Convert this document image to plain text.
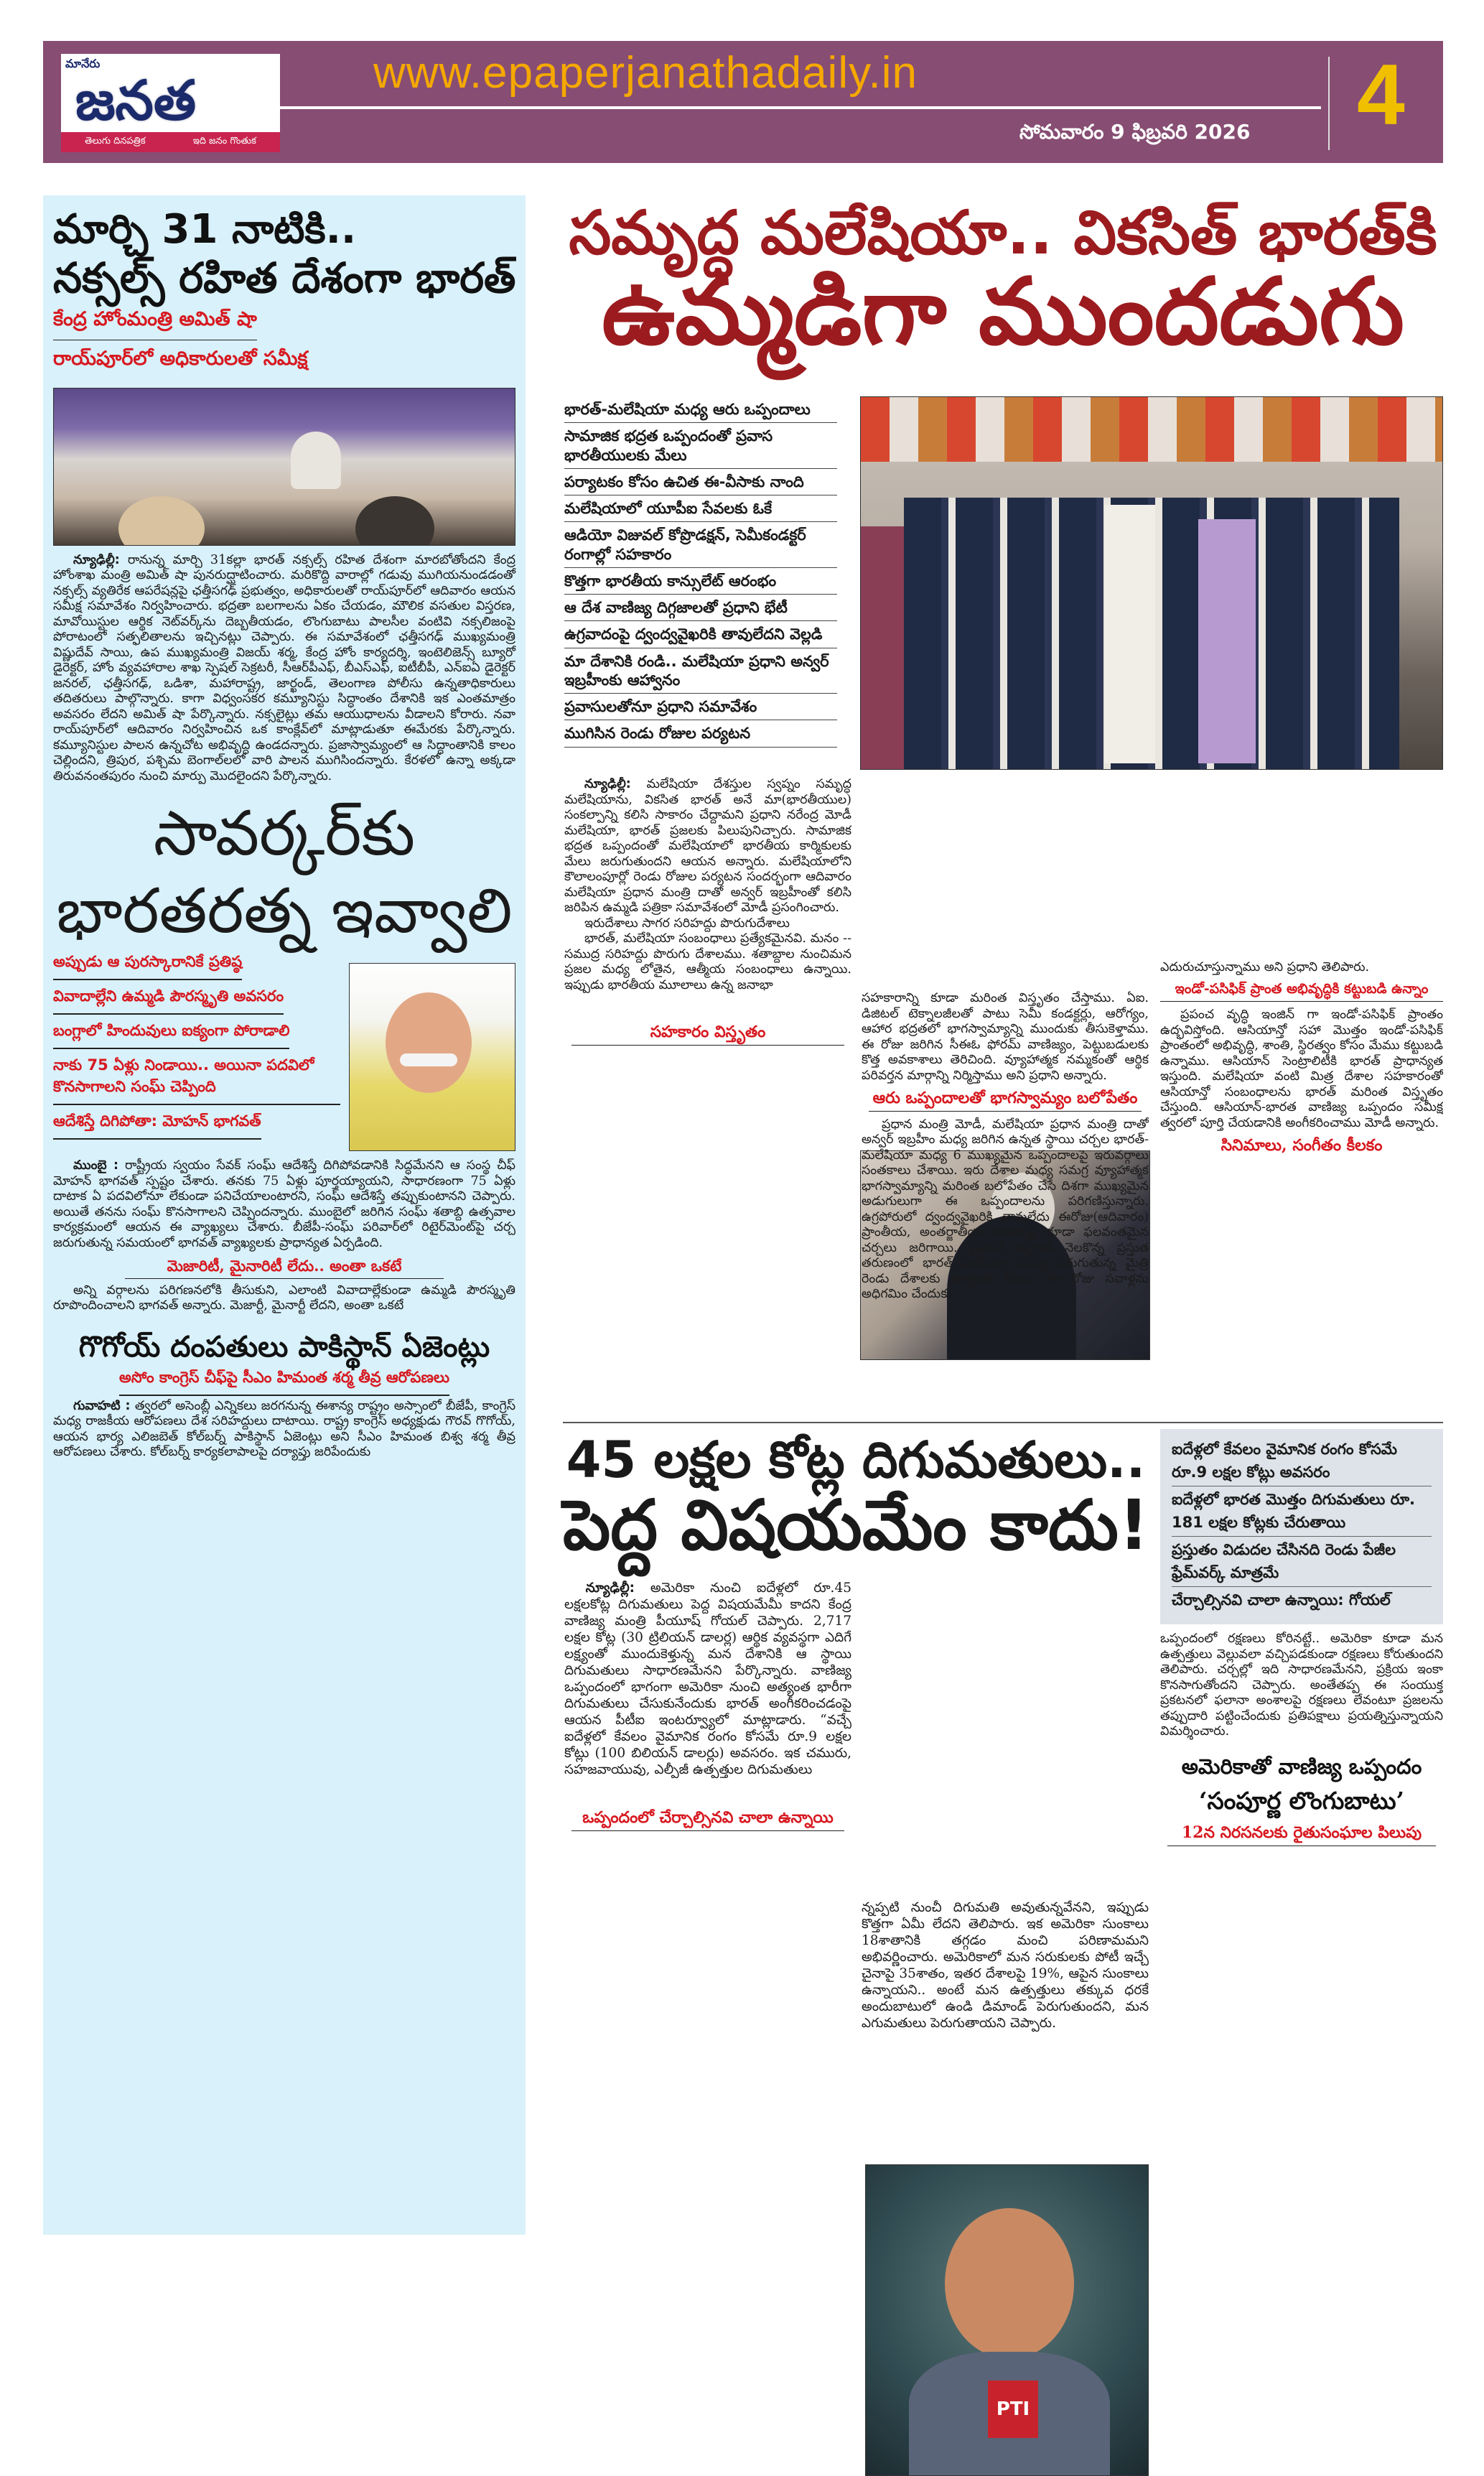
మానేరు
జనత
తెలుగు దినపత్రిక	ఇది జనం గొంతుక
www.epaperjanathadaily.in
సోమవారం 9 ఫిబ్రవరి 2026 4
మార్చి 31 నాటికి..
నక్సల్స్ రహిత దేశంగా భారత్
కేంద్ర హోంమంత్రి అమిత్ షా
రాయ్‌పూర్‌లో అధికారులతో సమీక్ష

న్యూఢిల్లీ: రానున్న మార్చి 31కల్లా భారత్ నక్సల్స్ రహిత దేశంగా మారబోతోందని కేంద్ర హోంశాఖ మంత్రి అమిత్ షా పునరుద్ఘాటించారు. మరికొద్ది వారాల్లో గడువు ముగియనుండడంతో నక్సల్స్ వ్యతిరేక ఆపరేషన్లపై ఛత్తీసగఢ్ ప్రభుత్వం, అధికారులతో రాయ్‌పూర్‌లో ఆదివారం ఆయన సమీక్ష సమావేశం నిర్వహించారు. భద్రతా బలగాలను ఏకం చేయడం, మౌలిక వసతుల విస్తరణ, మావోయిస్టుల ఆర్థిక నెట్‌వర్క్‌ను దెబ్బతీయడం, లొంగుబాటు పాలసీల వంటివి నక్సలిజంపై పోరాటంలో సత్ఫలితాలను ఇచ్చినట్లు చెప్పారు. ఈ సమావేశంలో ఛత్తీసగఢ్ ముఖ్యమంత్రి విష్ణుదేవ్ సాయి, ఉప ముఖ్యమంత్రి విజయ్ శర్మ, కేంద్ర హోం కార్యదర్శి, ఇంటెలిజెన్స్ బ్యూరో డైరెక్టర్, హోం వ్యవహారాల శాఖ స్పెషల్ సెక్రటరీ, సీఆర్‌పీఎఫ్, బీఎస్ఎఫ్, ఐటీబీపీ, ఎన్ఐఏ డైరెక్టర్ జనరల్, ఛత్తీసగఢ్, ఒడిశా, మహారాష్ట్ర, జార్ఖండ్, తెలంగాణ పోలీసు ఉన్నతాధికారులు తదితరులు పాల్గొన్నారు. కాగా విధ్వంసకర కమ్యూనిస్టు సిద్ధాంతం దేశానికి ఇక ఎంతమాత్రం అవసరం లేదని అమిత్ షా పేర్కొన్నారు. నక్సలైట్లు తమ ఆయుధాలను వీడాలని కోరారు. నవా రాయ్‌పూర్‌లో ఆదివారం నిర్వహించిన ఒక కాంక్లేవ్‌లో మాట్లాడుతూ ఈమేరకు పేర్కొన్నారు. కమ్యూనిస్టుల పాలన ఉన్నచోట అభివృద్ధి ఉండదన్నారు. ప్రజాస్వామ్యంలో ఆ సిద్ధాంతానికి కాలం చెల్లిందని, త్రిపుర, పశ్చిమ బెంగాల్‌లలో వారి పాలన ముగిసిందన్నారు. కేరళలో ఉన్నా అక్కడా తిరువనంతపురం నుంచి మార్పు మొదలైందని పేర్కొన్నారు.

సావర్కర్‌కు
భారతరత్న ఇవ్వాలి
అప్పుడు ఆ పురస్కారానికే ప్రతిష్ఠ
వివాదాల్లేని ఉమ్మడి పౌరస్మృతి అవసరం
బంగ్లాలో హిందువులు ఐక్యంగా పోరాడాలి
నాకు 75 ఏళ్లు నిండాయి.. అయినా పదవిలో కొనసాగాలని సంఘ్ చెప్పింది
ఆదేశిస్తే దిగిపోతా: మోహన్ భాగవత్

ముంబై : రాష్ట్రీయ స్వయం సేవక్ సంఘ్ ఆదేశిస్తే దిగిపోవడానికి సిద్ధమేనని ఆ సంస్థ చీఫ్ మోహన్ భాగవత్ స్పష్టం చేశారు. తనకు 75 ఏళ్లు పూర్తయ్యాయని, సాధారణంగా 75 ఏళ్లు దాటాక ఏ పదవిలోనూ లేకుండా పనిచేయాలంటారని, సంఘ్ ఆదేశిస్తే తప్పుకుంటానని చెప్పారు. అయితే తనను సంఘ్ కొనసాగాలని చెప్పిందన్నారు. ముంబైలో జరిగిన సంఘ్ శతాబ్ది ఉత్సవాల కార్యక్రమంలో ఆయన ఈ వ్యాఖ్యలు చేశారు. బీజేపీ-సంఘ్ పరివార్‌లో రిటైర్‌మెంట్‌పై చర్చ జరుగుతున్న సమయంలో భాగవత్ వ్యాఖ్యలకు ప్రాధాన్యత ఏర్పడింది.

మెజారిటీ, మైనారిటీ లేదు.. అంతా ఒకటే

అన్ని వర్గాలను పరిగణనలోకి తీసుకుని, ఎలాంటి వివాదాల్లేకుండా ఉమ్మడి పౌరస్మృతి రూపొందించాలని భాగవత్ అన్నారు. మెజార్టీ, మైనార్టీ లేదని, అంతా ఒకటే

గొగోయ్ దంపతులు పాకిస్థాన్ ఏజెంట్లు
అసోం కాంగ్రెస్ చీఫ్‌పై సీఎం హిమంత శర్మ తీవ్ర ఆరోపణలు

గువాహటి : త్వరలో అసెంబ్లీ ఎన్నికలు జరగనున్న ఈశాన్య రాష్ట్రం అస్సాంలో బీజేపీ, కాంగ్రెస్ మధ్య రాజకీయ ఆరోపణలు దేశ సరిహద్దులు దాటాయి. రాష్ట్ర కాంగ్రెస్ అధ్యక్షుడు గౌరవ్ గొగోయ్, ఆయన భార్య ఎలిజబెత్ కోల్‌బర్న్ పాకిస్థాన్ ఏజెంట్లు అని సీఎం హిమంత బిశ్వ శర్మ తీవ్ర ఆరోపణలు చేశారు. కోల్‌బర్న్ కార్యకలాపాలపై దర్యాప్తు జరిపేందుకు

సమృద్ధ మలేషియా.. వికసిత్ భారత్‌కి
ఉమ్మడిగా ముందడుగు
భారత్-మలేషియా మధ్య ఆరు ఒప్పందాలు
సామాజిక భద్రత ఒప్పందంతో ప్రవాస భారతీయులకు మేలు
పర్యాటకం కోసం ఉచిత ఈ-వీసాకు నాంది
మలేషియాలో యూపీఐ సేవలకు ఓకే
ఆడియో విజువల్ కోప్రొడక్షన్, సెమీకండక్టర్ రంగాల్లో సహకారం
కొత్తగా భారతీయ కాన్సులేట్ ఆరంభం
ఆ దేశ వాణిజ్య దిగ్గజాలతో ప్రధాని భేటీ
ఉగ్రవాదంపై ద్వంద్వవైఖరికి తావులేదని వెల్లడి
మా దేశానికి రండి.. మలేషియా ప్రధాని అన్వర్ ఇబ్రహీంకు ఆహ్వానం
ప్రవాసులతోనూ ప్రధాని సమావేశం
ముగిసిన రెండు రోజుల పర్యటన

న్యూఢిల్లీ: మలేషియా దేశస్తుల స్వప్నం సమృద్ధ మలేషియాను, వికసిత భారత్ అనే మా(భారతీయుల) సంకల్పాన్ని కలిసి సాకారం చేద్దామని ప్రధాని నరేంద్ర మోడీ మలేషియా, భారత్ ప్రజలకు పిలుపునిచ్చారు. సామాజిక భద్రత ఒప్పందంతో మలేషియాలో భారతీయ కార్మికులకు మేలు జరుగుతుందని ఆయన అన్నారు. మలేషియాలోని కౌలాలంపూర్లో రెండు రోజుల పర్యటన సందర్భంగా ఆదివారం మలేషియా ప్రధాన మంత్రి దాతో అన్వర్ ఇబ్రహీంతో కలిసి జరిపిన ఉమ్మడి పత్రికా సమావేశంలో మోడీ ప్రసంగించారు.

ఇరుదేశాలు సాగర సరిహద్దు పొరుగుదేశాలు

భారత్, మలేషియా సంబంధాలు ప్రత్యేకమైనవి. మనం -- సముద్ర సరిహద్దు పొరుగు దేశాలము. శతాబ్దాల నుంచిమన ప్రజల మధ్య లోతైన, ఆత్మీయ సంబంధాలు ఉన్నాయి. ఇప్పుడు భారతీయ మూలాలు ఉన్న జనాభా

సహకారం విస్తృతం

సహకారాన్ని కూడా మరింత విస్తృతం చేస్తాము. ఏఐ. డిజిటల్ టెక్నాలజీలతో పాటు సెమీ కండక్టర్లు, ఆరోగ్యం, ఆహార భద్రతలో భాగస్వామ్యాన్ని ముందుకు తీసుకెళ్తాము. ఈ రోజు జరిగిన సీఈఓ ఫోరమ్ వాణిజ్యం, పెట్టుబడులకు కొత్త అవకాశాలు తెరిచింది. వ్యూహాత్మక నమ్మకంతో ఆర్థిక పరివర్తన మార్గాన్ని నిర్మిస్తాము అని ప్రధాని అన్నారు.

ఆరు ఒప్పందాలతో భాగస్వామ్యం బలోపేతం

ప్రధాన మంత్రి మోడీ, మలేషియా ప్రధాన మంత్రి దాతో అన్వర్ ఇబ్రహీం మధ్య జరిగిన ఉన్నత స్థాయి చర్చల భారత్-మలేషియా మధ్య 6 ముఖ్యమైన ఒప్పందాలపై ఇరువర్గాలు సంతకాలు చేశాయి. ఇరు దేశాల మధ్య సమగ్ర వ్యూహాత్మక భాగస్వామ్యాన్ని మరింత బలోపేతం చేసే దిశగా ముఖ్యమైన అడుగులుగా ఈ ఒప్పందాలను పరిగణిస్తున్నారు. ఉగ్రపోరులో ద్వంద్వవైఖరికి తావులేదు ఈరోజు(ఆదివారం) ప్రాంతీయ, అంతర్జాతీయ అంశాలపై కూడా ఫలవంతమైన చర్చలు జరిగాయి. ప్రపంచ అస్థిరత నెలకొన్న ప్రస్తుత తరుణంలో భారత్-మలేషియా మధ్య పెరుగుతున్న మైత్రి రెండు దేశాలకు అత్యంత కీలకం. ఈ రోజు సవాళ్లను అధిగమిం చేందుకు

ఎదురుచూస్తున్నాము అని ప్రధాని తెలిపారు.

ఇండో-పసిఫిక్ ప్రాంత అభివృద్ధికి కట్టుబడి ఉన్నాం

ప్రపంచ వృద్ధి ఇంజిన్ గా ఇండో-పసిఫిక్ ప్రాంతం ఉద్భవిస్తోంది. ఆసియాన్తో సహా మొత్తం ఇండో-పసిఫిక్ ప్రాంతంలో అభివృద్ధి, శాంతి, స్థిరత్వం కోసం మేము కట్టుబడి ఉన్నాము. ఆసియాన్ సెంట్రాలిటీకి భారత్ ప్రాధాన్యత ఇస్తుంది. మలేషియా వంటి మిత్ర దేశాల సహకారంతో ఆసియాన్తో సంబంధాలను భారత్ మరింత విస్తృతం చేస్తుంది. ఆసియాన్-భారత వాణిజ్య ఒప్పందం సమీక్ష త్వరలో పూర్తి చేయడానికి అంగీకరించాము మోడీ అన్నారు.

సినిమాలు, సంగీతం కీలకం
45 లక్షల కోట్ల దిగుమతులు..
పెద్ద విషయమేం కాదు!
ఐదేళ్లలో కేవలం వైమానిక రంగం కోసమే రూ.9 లక్షల కోట్లు అవసరం
ఐదేళ్లలో భారత మొత్తం దిగుమతులు రూ. 181 లక్షల కోట్లకు చేరుతాయి
ప్రస్తుతం విడుదల చేసినది రెండు పేజీల ఫ్రేమ్‌వర్క్ మాత్రమే
చేర్చాల్సినవి చాలా ఉన్నాయి: గోయల్

న్యూఢిల్లీ: అమెరికా నుంచి ఐదేళ్లలో రూ.45 లక్షలకోట్ల దిగుమతులు పెద్ద విషయమేమీ కాదని కేంద్ర వాణిజ్య మంత్రి పీయూష్ గోయల్ చెప్పారు. 2,717 లక్షల కోట్ల (30 ట్రిలియన్ డాలర్ల) ఆర్థిక వ్యవస్థగా ఎదిగే లక్ష్యంతో ముందుకెళ్తున్న మన దేశానికి ఆ స్థాయి దిగుమతులు సాధారణమేనని పేర్కొన్నారు. వాణిజ్య ఒప్పందంలో భాగంగా అమెరికా నుంచి అత్యంత భారీగా దిగుమతులు చేసుకునేందుకు భారత్ అంగీకరించడంపై ఆయన పీటీఐ ఇంటర్వ్యూలో మాట్లాడారు. “వచ్చే ఐదేళ్లలో కేవలం వైమానిక రంగం కోసమే రూ.9 లక్షల కోట్లు (100 బిలియన్ డాలర్లు) అవసరం. ఇక చమురు, సహజవాయువు, ఎల్పీజీ ఉత్పత్తుల దిగుమతులు

ఒప్పందంలో చేర్చాల్సినవి చాలా ఉన్నాయి
PTI

న్నప్పటి నుంచీ దిగుమతి అవుతున్నవేనని, ఇప్పుడు కొత్తగా ఏమీ లేదని తెలిపారు. ఇక అమెరికా సుంకాలు 18శాతానికి తగ్గడం మంచి పరిణామమని అభివర్ణించారు. అమెరికాలో మన సరుకులకు పోటీ ఇచ్చే చైనాపై 35శాతం, ఇతర దేశాలపై 19%, ఆపైన సుంకాలు ఉన్నాయని.. అంటే మన ఉత్పత్తులు తక్కువ ధరకే అందుబాటులో ఉండి డిమాండ్ పెరుగుతుందని, మన ఎగుమతులు పెరుగుతాయని చెప్పారు.

ఒప్పందంలో రక్షణలు కోరినట్టే.. అమెరికా కూడా మన ఉత్పత్తులు వెల్లువలా వచ్చిపడకుండా రక్షణలు కోరుతుందని తెలిపారు. చర్చల్లో ఇది సాధారణమేనని, ప్రక్రియ ఇంకా కొనసాగుతోందని చెప్పారు. అంతేతప్ప ఈ సంయుక్త ప్రకటనలో ఫలానా అంశాలపై రక్షణలు లేవంటూ ప్రజలను తప్పుదారి పట్టించేందుకు ప్రతిపక్షాలు ప్రయత్నిస్తున్నాయని విమర్శించారు.

అమెరికాతో వాణిజ్య ఒప్పందం
‘సంపూర్ణ లొంగుబాటు’
12న నిరసనలకు రైతుసంఘాల పిలుపు
